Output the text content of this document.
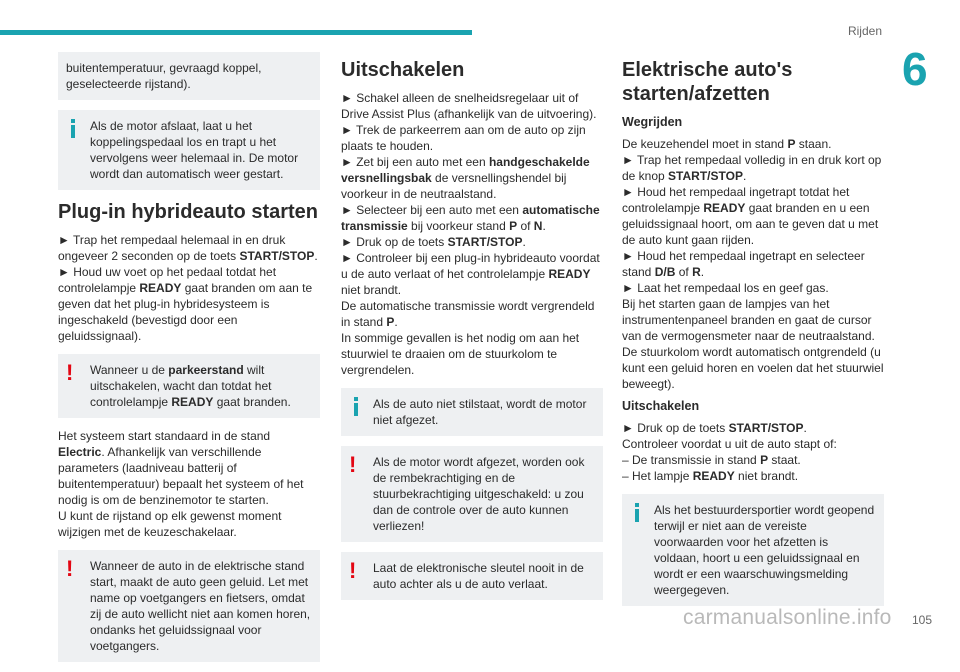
Rijden
6

buitentemperatuur, gevraagd koppel, geselecteerde rijstand).

Als de motor afslaat, laat u het koppelingspedaal los en trapt u het vervolgens weer helemaal in. De motor wordt dan automatisch weer gestart.

Plug-in hybrideauto starten

► Trap het rempedaal helemaal in en druk ongeveer 2 seconden op de toets START/STOP.

► Houd uw voet op het pedaal totdat het controlelampje READY gaat branden om aan te geven dat het plug-in hybridesysteem is ingeschakeld (bevestigd door een geluidssignaal).

!	Wanneer u de parkeerstand wilt uitschakelen, wacht dan totdat het controlelampje READY gaat branden.

Het systeem start standaard in de stand Electric. Afhankelijk van verschillende parameters (laadniveau batterij of buitentemperatuur) bepaalt het systeem of het nodig is om de benzinemotor te starten.

U kunt de rijstand op elk gewenst moment wijzigen met de keuzeschakelaar.

!	Wanneer de auto in de elektrische stand start, maakt de auto geen geluid. Let met name op voetgangers en fietsers, omdat zij de auto wellicht niet aan komen horen, ondanks het geluidssignaal voor voetgangers.

Uitschakelen

► Schakel alleen de snelheidsregelaar uit of Drive Assist Plus (afhankelijk van de uitvoering).

► Trek de parkeerrem aan om de auto op zijn plaats te houden.

► Zet bij een auto met een handgeschakelde versnellingsbak de versnellingshendel bij voorkeur in de neutraalstand.

► Selecteer bij een auto met een automatische transmissie bij voorkeur stand P of N.

► Druk op de toets START/STOP.

► Controleer bij een plug-in hybrideauto voordat u de auto verlaat of het controlelampje READY niet brandt.

De automatische transmissie wordt vergrendeld in stand P.

In sommige gevallen is het nodig om aan het stuurwiel te draaien om de stuurkolom te vergrendelen.

Als de auto niet stilstaat, wordt de motor niet afgezet.

!	Als de motor wordt afgezet, worden ook de rembekrachtiging en de stuurbekrachtiging uitgeschakeld: u zou dan de controle over de auto kunnen verliezen!

!	Laat de elektronische sleutel nooit in de auto achter als u de auto verlaat.

Elektrische auto's starten/afzetten
Wegrijden

De keuzehendel moet in stand P staan.

► Trap het rempedaal volledig in en druk kort op de knop START/STOP.

► Houd het rempedaal ingetrapt totdat het controlelampje READY gaat branden en u een geluidssignaal hoort, om aan te geven dat u met de auto kunt gaan rijden.

► Houd het rempedaal ingetrapt en selecteer stand D/B of R.

► Laat het rempedaal los en geef gas.

Bij het starten gaan de lampjes van het instrumentenpaneel branden en gaat de cursor van de vermogensmeter naar de neutraalstand.

De stuurkolom wordt automatisch ontgrendeld (u kunt een geluid horen en voelen dat het stuurwiel beweegt).

Uitschakelen

► Druk op de toets START/STOP.

Controleer voordat u uit de auto stapt of:

– De transmissie in stand P staat.

– Het lampje READY niet brandt.

Als het bestuurdersportier wordt geopend terwijl er niet aan de vereiste voorwaarden voor het afzetten is voldaan, hoort u een geluidssignaal en wordt er een waarschuwingsmelding weergegeven.

carmanualsonline.info 105
